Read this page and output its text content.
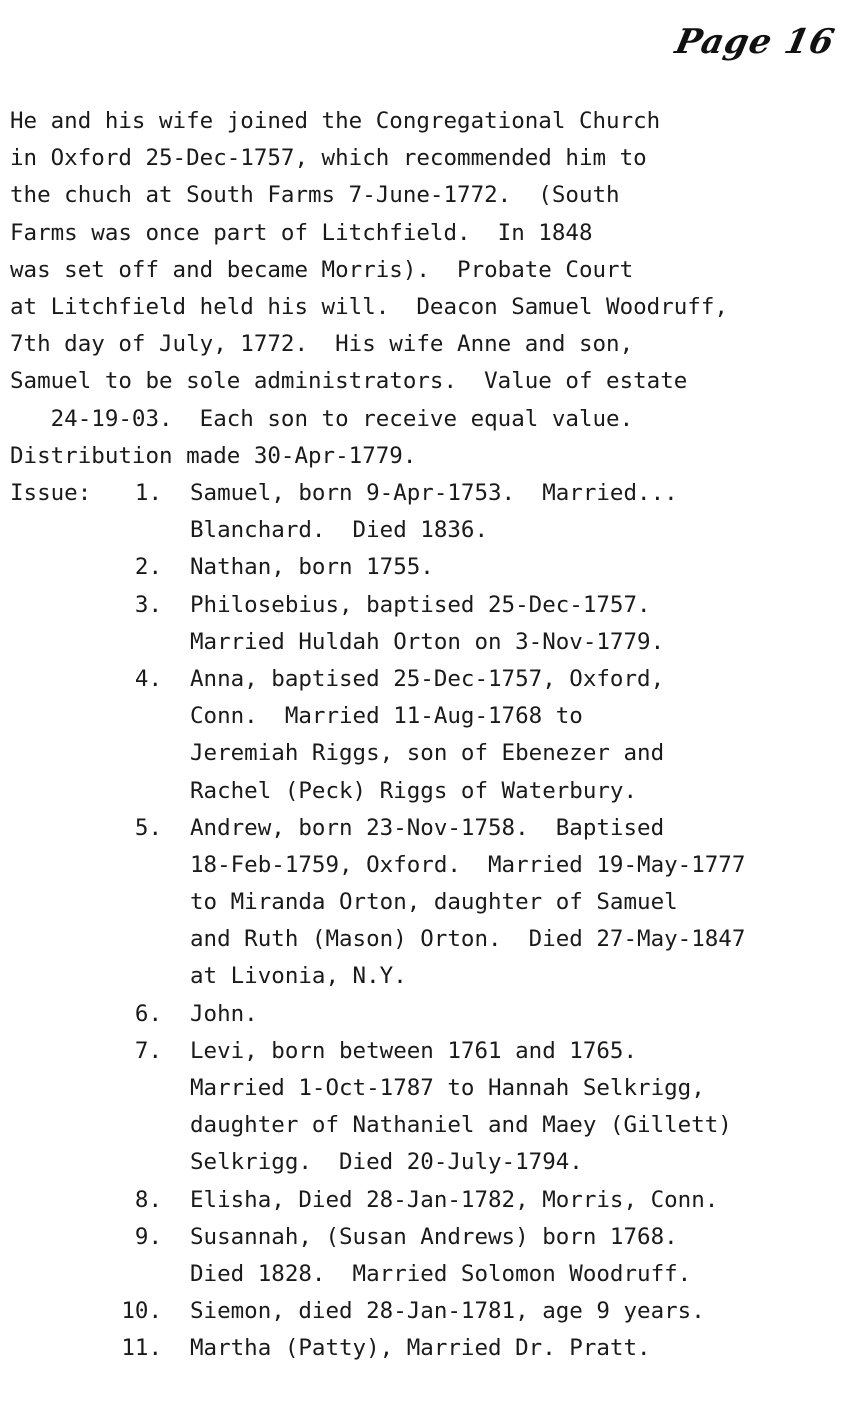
Page 16
He and his wife joined the Congregational Church
in Oxford 25-Dec-1757, which recommended him to
the chuch at South Farms 7-June-1772.  (South
Farms was once part of Litchfield.  In 1848
was set off and became Morris).  Probate Court
at Litchfield held his will.  Deacon Samuel Woodruff,
7th day of July, 1772.  His wife Anne and son,
Samuel to be sole administrators.  Value of estate
24-19-03.  Each son to receive equal value.
Distribution made 30-Apr-1779.
Issue: 1. Samuel, born 9-Apr-1753.  Married...
Blanchard.  Died 1836.
2. Nathan, born 1755.
3. Philosebius, baptised 25-Dec-1757.
Married Huldah Orton on 3-Nov-1779.
4. Anna, baptised 25-Dec-1757, Oxford,
Conn.  Married 11-Aug-1768 to
Jeremiah Riggs, son of Ebenezer and
Rachel (Peck) Riggs of Waterbury.
5. Andrew, born 23-Nov-1758.  Baptised
18-Feb-1759, Oxford.  Married 19-May-1777
to Miranda Orton, daughter of Samuel
and Ruth (Mason) Orton.  Died 27-May-1847
at Livonia, N.Y.
6. John.
7. Levi, born between 1761 and 1765.
Married 1-Oct-1787 to Hannah Selkrigg,
daughter of Nathaniel and Maey (Gillett)
Selkrigg.  Died 20-July-1794.
8. Elisha, Died 28-Jan-1782, Morris, Conn.
9. Susannah, (Susan Andrews) born 1768.
Died 1828.  Married Solomon Woodruff.
10. Siemon, died 28-Jan-1781, age 9 years.
11. Martha (Patty), Married Dr. Pratt.
